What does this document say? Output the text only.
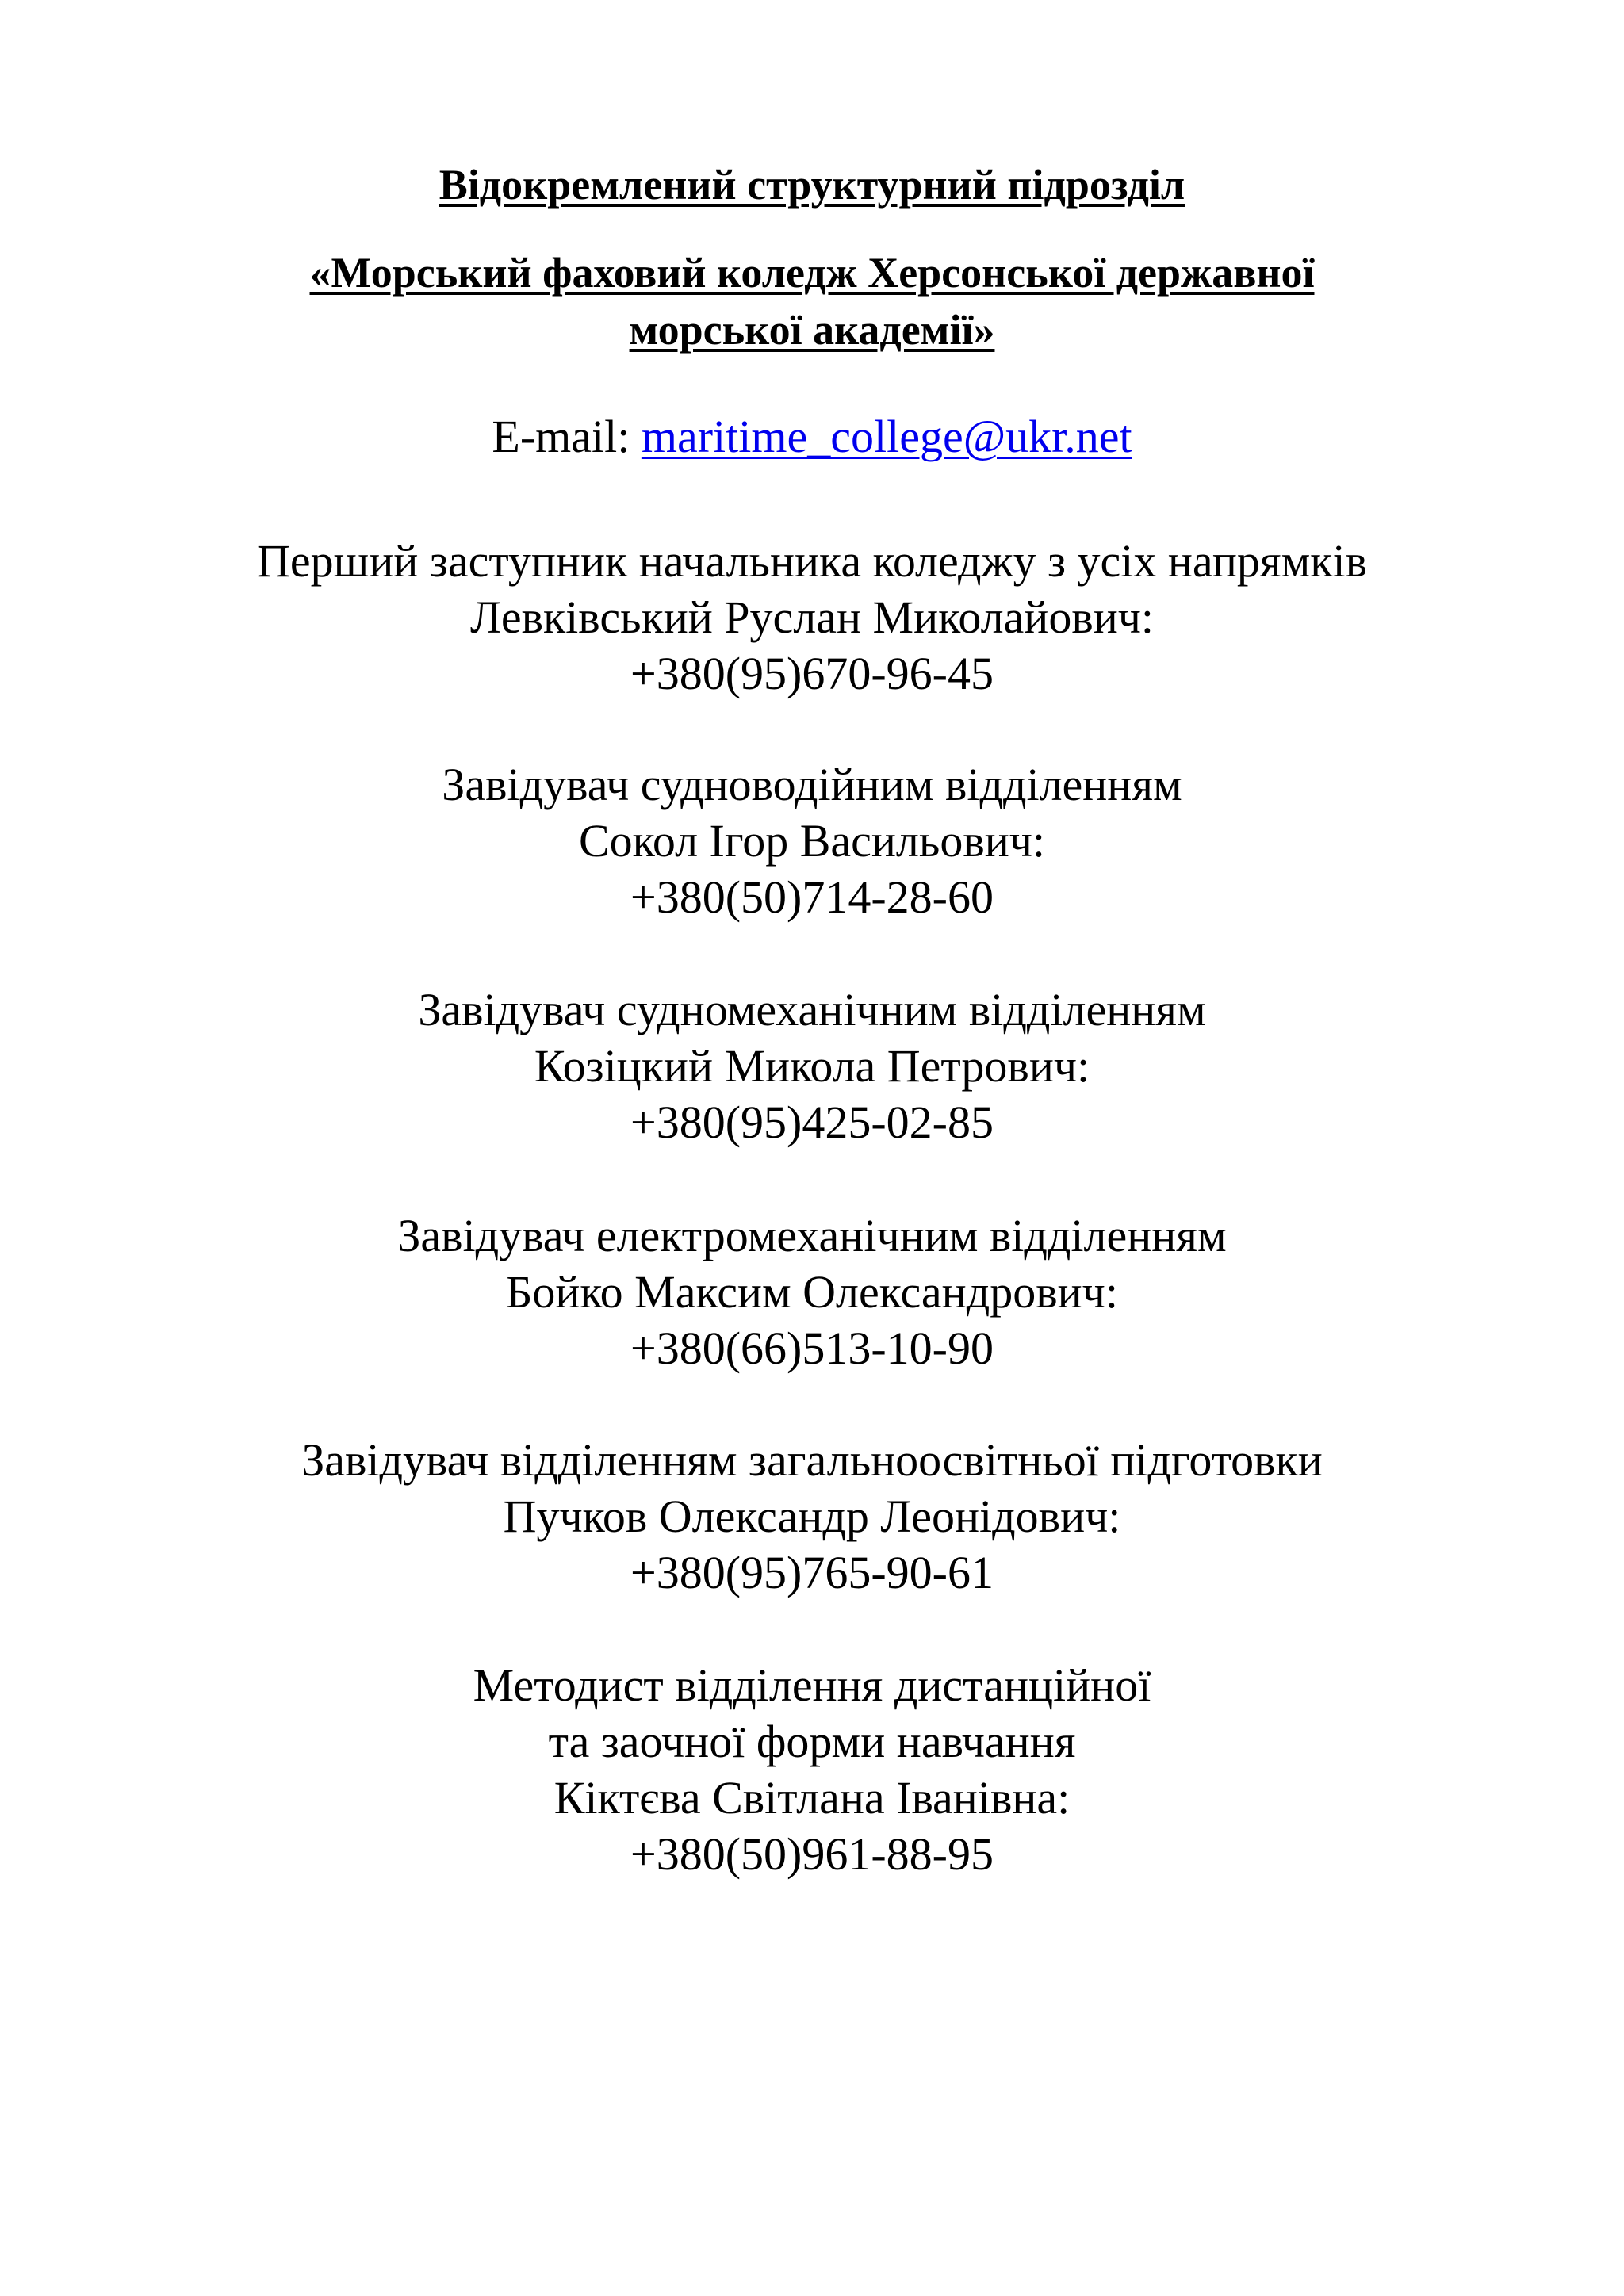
Відокремлений структурний підрозділ

«Морський фаховий коледж Херсонської державної
морської академії»
E-mail: maritime_college@ukr.net
Перший заступник начальника коледжу з усіх напрямків
Левківський Руслан Миколайович:
+380(95)670-96-45
Завідувач судноводійним відділенням
Сокол Ігор Васильович:
+380(50)714-28-60
Завідувач судномеханічним відділенням
Козіцкий Микола Петрович:
+380(95)425-02-85
Завідувач електромеханічним відділенням
Бойко Максим Олександрович:
+380(66)513-10-90
Завідувач відділенням загальноосвітньої підготовки
Пучков Олександр Леонідович:
+380(95)765-90-61
Методист відділення дистанційної
та заочної форми навчання
Кіктєва Світлана Іванівна:
+380(50)961-88-95
